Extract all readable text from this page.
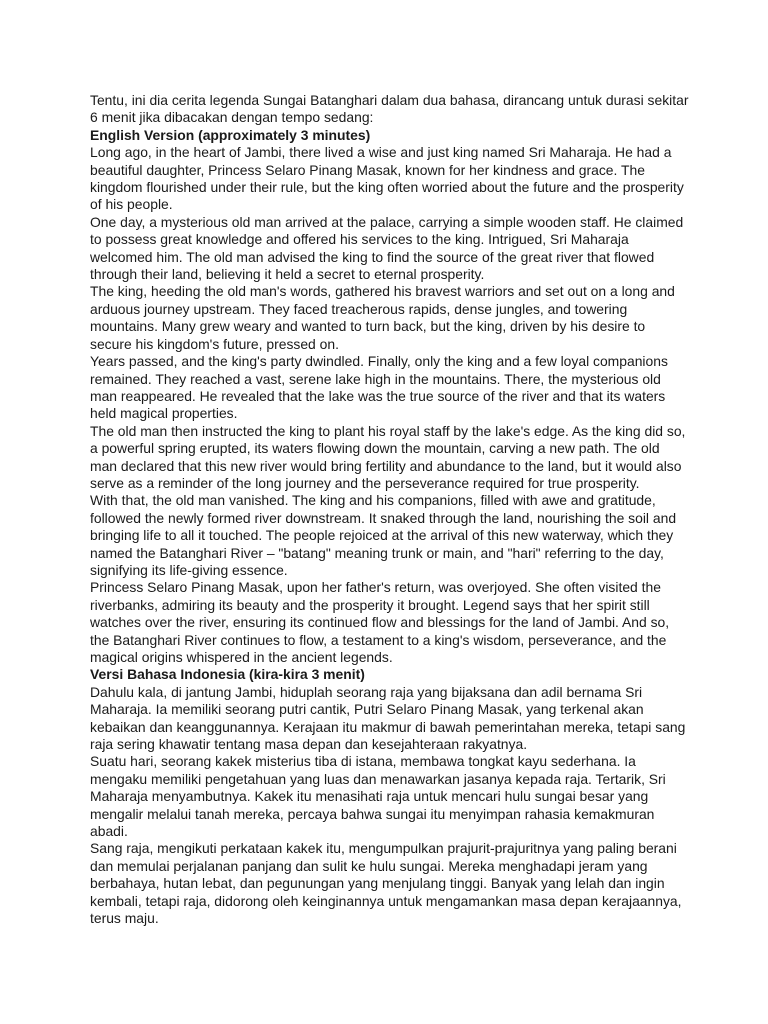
Tentu, ini dia cerita legenda Sungai Batanghari dalam dua bahasa, dirancang untuk durasi sekitar 6 menit jika dibacakan dengan tempo sedang:

English Version (approximately 3 minutes)

Long ago, in the heart of Jambi, there lived a wise and just king named Sri Maharaja. He had a beautiful daughter, Princess Selaro Pinang Masak, known for her kindness and grace. The kingdom flourished under their rule, but the king often worried about the future and the prosperity of his people.

One day, a mysterious old man arrived at the palace, carrying a simple wooden staff. He claimed to possess great knowledge and offered his services to the king. Intrigued, Sri Maharaja welcomed him. The old man advised the king to find the source of the great river that flowed through their land, believing it held a secret to eternal prosperity.

The king, heeding the old man's words, gathered his bravest warriors and set out on a long and arduous journey upstream. They faced treacherous rapids, dense jungles, and towering mountains. Many grew weary and wanted to turn back, but the king, driven by his desire to secure his kingdom's future, pressed on.

Years passed, and the king's party dwindled. Finally, only the king and a few loyal companions remained. They reached a vast, serene lake high in the mountains. There, the mysterious old man reappeared. He revealed that the lake was the true source of the river and that its waters held magical properties.

The old man then instructed the king to plant his royal staff by the lake's edge. As the king did so, a powerful spring erupted, its waters flowing down the mountain, carving a new path. The old man declared that this new river would bring fertility and abundance to the land, but it would also serve as a reminder of the long journey and the perseverance required for true prosperity.

With that, the old man vanished. The king and his companions, filled with awe and gratitude, followed the newly formed river downstream. It snaked through the land, nourishing the soil and bringing life to all it touched. The people rejoiced at the arrival of this new waterway, which they named the Batanghari River – "batang" meaning trunk or main, and "hari" referring to the day, signifying its life-giving essence.

Princess Selaro Pinang Masak, upon her father's return, was overjoyed. She often visited the riverbanks, admiring its beauty and the prosperity it brought. Legend says that her spirit still watches over the river, ensuring its continued flow and blessings for the land of Jambi. And so, the Batanghari River continues to flow, a testament to a king's wisdom, perseverance, and the magical origins whispered in the ancient legends.

Versi Bahasa Indonesia (kira-kira 3 menit)

Dahulu kala, di jantung Jambi, hiduplah seorang raja yang bijaksana dan adil bernama Sri Maharaja. Ia memiliki seorang putri cantik, Putri Selaro Pinang Masak, yang terkenal akan kebaikan dan keanggunannya. Kerajaan itu makmur di bawah pemerintahan mereka, tetapi sang raja sering khawatir tentang masa depan dan kesejahteraan rakyatnya.

Suatu hari, seorang kakek misterius tiba di istana, membawa tongkat kayu sederhana. Ia mengaku memiliki pengetahuan yang luas dan menawarkan jasanya kepada raja. Tertarik, Sri Maharaja menyambutnya. Kakek itu menasihati raja untuk mencari hulu sungai besar yang mengalir melalui tanah mereka, percaya bahwa sungai itu menyimpan rahasia kemakmuran abadi.

Sang raja, mengikuti perkataan kakek itu, mengumpulkan prajurit-prajuritnya yang paling berani dan memulai perjalanan panjang dan sulit ke hulu sungai. Mereka menghadapi jeram yang berbahaya, hutan lebat, dan pegunungan yang menjulang tinggi. Banyak yang lelah dan ingin kembali, tetapi raja, didorong oleh keinginannya untuk mengamankan masa depan kerajaannya, terus maju.
